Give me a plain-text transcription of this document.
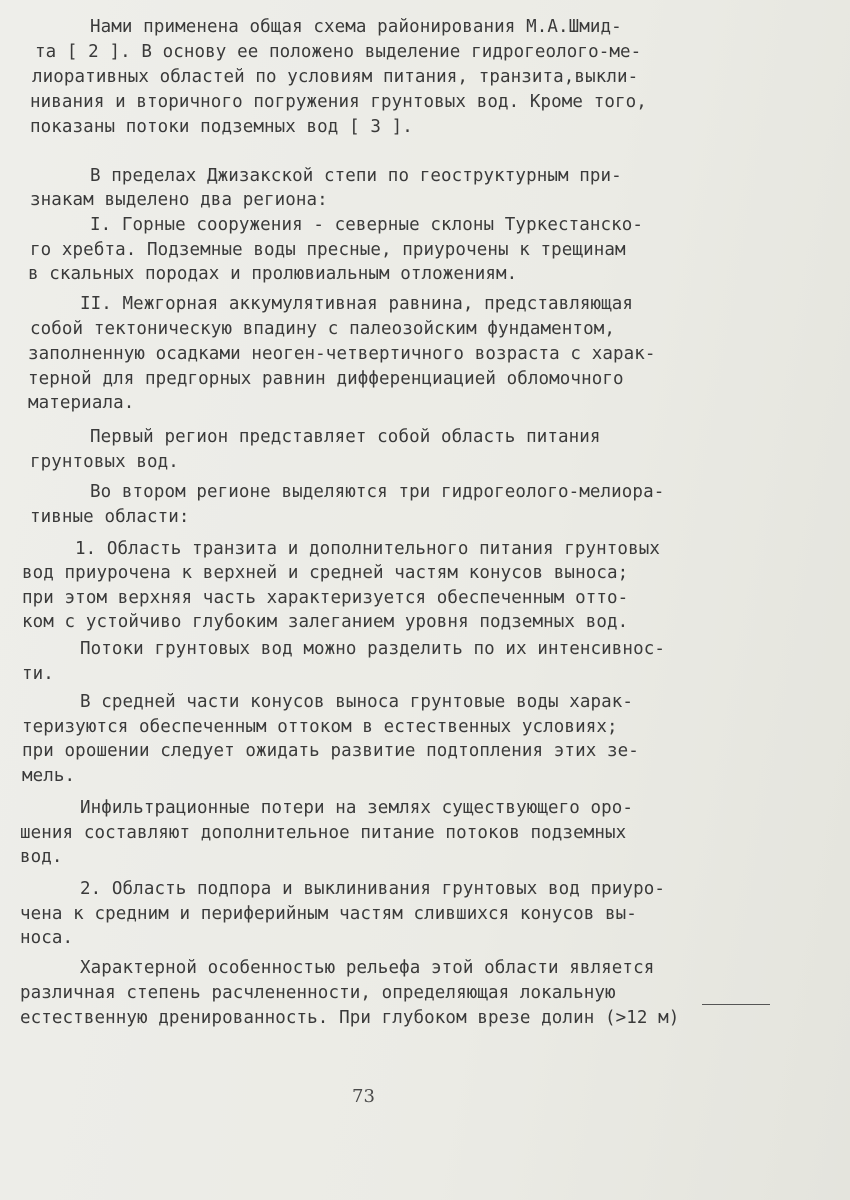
Нами применена общая схема районирования М.А.Шмид-

та [ 2 ]. В основу ее положено выделение гидрогеолого-ме-

лиоративных областей по условиям питания, транзита,выкли-

нивания и вторичного погружения грунтовых вод. Кроме того,

показаны потоки подземных вод [ 3 ].

В пределах Джизакской степи по геоструктурным при-

знакам выделено два региона:

I. Горные сооружения - северные склоны Туркестанско-

го хребта. Подземные воды пресные, приурочены к трещинам

в скальных породах и пролювиальным отложениям.

II. Межгорная аккумулятивная равнина, представляющая

собой тектоническую впадину с палеозойским фундаментом,

заполненную осадками неоген-четвертичного возраста с харак-

терной для предгорных равнин дифференциацией обломочного

материала.

Первый регион представляет собой область питания

грунтовых вод.

Во втором регионе выделяются три гидрогеолого-мелиора-

тивные области:

1. Область транзита и дополнительного питания грунтовых

вод приурочена к верхней и средней частям конусов выноса;

при этом верхняя часть характеризуется обеспеченным отто-

ком с устойчиво глубоким залеганием уровня подземных вод.

Потоки грунтовых вод можно разделить по их интенсивнос-

ти.

В средней части конусов выноса грунтовые воды харак-

теризуются обеспеченным оттоком в естественных условиях;

при орошении следует ожидать развитие подтопления этих зе-

мель.

Инфильтрационные потери на землях существующего оро-

шения составляют дополнительное питание потоков подземных

вод.

2. Область подпора и выклинивания грунтовых вод приуро-

чена к средним и периферийным частям слившихся конусов вы-

носа.

Характерной особенностью рельефа этой области является

различная степень расчлененности, определяющая локальную

естественную дренированность. При глубоком врезе долин (>12 м)

73
